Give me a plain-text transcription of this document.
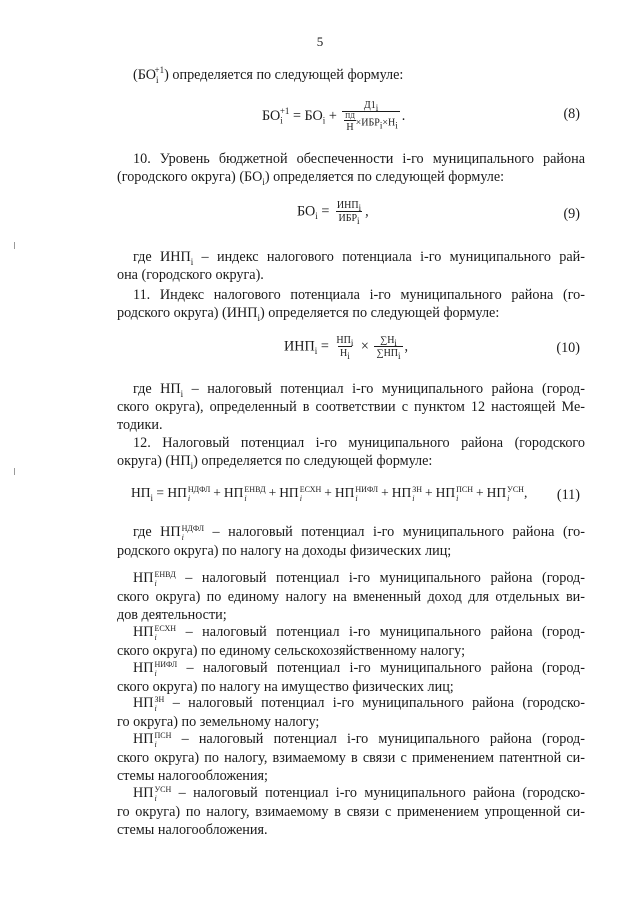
5
$(БО_i^{+1})$ определяется по следующей формуле:
$БО_i^{+1} = БО_i + Д1_i$
ПД
$Н \times ИБР_i\times Н_i$ .	(8)
10. Уровень бюджетной обеспеченности i-го муниципального района
(городского округа) $(БО_i)$ определяется по следующей формуле:
$БО_i = \frac{ИНП_i}{ИБР_i}$ ,	(9)
где $ИНП_i$ – индекс налогового потенциала i-го муниципального рай-
она (городского округа).
11. Индекс налогового потенциала i-го муниципального района (го-
родского округа) $(ИНП_i)$ определяется по следующей формуле:
$ИНП_i = \frac{НП_i}{Н_i} \times \frac{\sum Н_i}{\sum НП_i}$ ,	(10)
где $НП_i$ – налоговый потенциал i-го муниципального района (город-
ского округа), определенный в соответствии с пунктом 12 настоящей Ме-
тодики.
12. Налоговый потенциал i-го муниципального района (городского
округа) $(НП_i)$ определяется по следующей формуле:
$НП_i$ = НП НДФЛ
i	+ НП ЕНВД
i	+ НП ЕСХН
i	+ НП НИФЛ
i	+ НП ЗН
i + НП ПСН
i	+ НП УСН
i	,	(11)
где НП НДФЛ
i	– налоговый потенциал i-го муниципального района (го-
родского округа) по налогу на доходы физических лиц;
НП ЕНВД
i	– налоговый потенциал i-го муниципального района (город-
ского округа) по единому налогу на вмененный доход для отдельных ви-
дов деятельности;
НП ЕСХН
i	– налоговый потенциал i-го муниципального района (город-
ского округа) по единому сельскохозяйственному налогу;
НП НИФЛ
i	– налоговый потенциал i-го муниципального района (город-
ского округа) по налогу на имущество физических лиц;
НП ЗН
i – налоговый потенциал i-го муниципального района (городско-
го округа) по земельному налогу;
НП ПСН
i	– налоговый потенциал i-го муниципального района (город-
ского округа) по налогу, взимаемому в связи с применением патентной си-
стемы налогообложения;
НП УСН
i	– налоговый потенциал i-го муниципального района (городско-
го округа) по налогу, взимаемому в связи с применением упрощенной си-
стемы налогообложения.
